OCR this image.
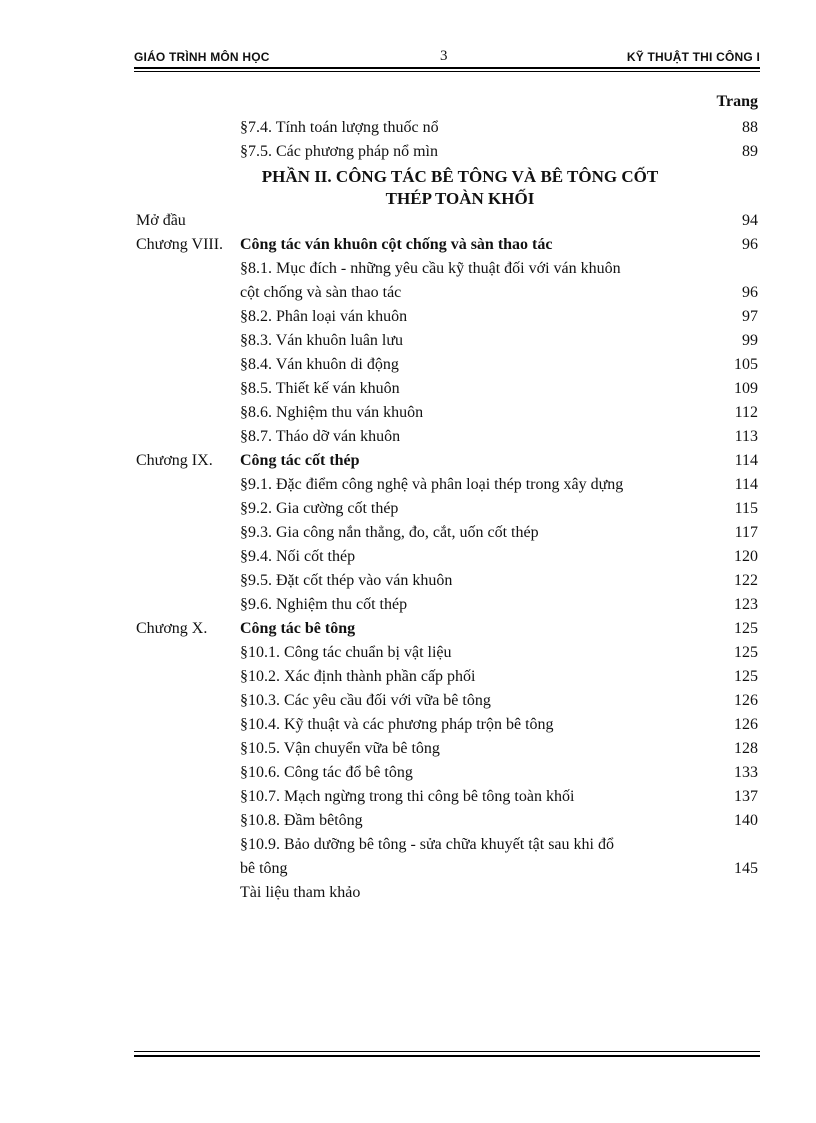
GIÁO TRÌNH MÔN HỌC	3	KỸ THUẬT THI CÔNG I
Trang
PHẦN II. CÔNG TÁC BÊ TÔNG VÀ BÊ TÔNG CỐT
THÉP TOÀN KHỐI
§7.4. Tính toán lượng thuốc nổ	88
§7.5. Các phương pháp nổ mìn	89
Mở đầu	94
Chương VIII. Công tác ván khuôn cột chống và sàn thao tác	96
§8.1. Mục đích - những yêu cầu kỹ thuật đối với ván khuôn
cột chống và sàn thao tác	96
§8.2. Phân loại ván khuôn	97
§8.3. Ván khuôn luân lưu	99
§8.4. Ván khuôn di động	105
§8.5. Thiết kế ván khuôn	109
§8.6. Nghiệm thu ván khuôn	112
§8.7. Tháo dỡ ván khuôn	113
Chương IX. Công tác cốt thép	114
§9.1. Đặc điểm công nghệ và phân loại thép trong xây dựng	114
§9.2. Gia cường cốt thép	115
§9.3. Gia công nắn thẳng, đo, cắt, uốn cốt thép	117
§9.4. Nối cốt thép	120
§9.5. Đặt cốt thép vào ván khuôn	122
§9.6. Nghiệm thu cốt thép	123
Chương X. Công tác bê tông	125
§10.1. Công tác chuẩn bị vật liệu	125
§10.2. Xác định thành phần cấp phối	125
§10.3. Các yêu cầu đối với vữa bê tông	126
§10.4. Kỹ thuật và các phương pháp trộn bê tông	126
§10.5. Vận chuyển vữa bê tông	128
§10.6. Công tác đổ bê tông	133
§10.7. Mạch ngừng trong thi công bê tông toàn khối	137
§10.8. Đầm bêtông	140
§10.9. Bảo dưỡng bê tông - sửa chữa khuyết tật sau khi đổ
bê tông	145
Tài liệu tham khảo
